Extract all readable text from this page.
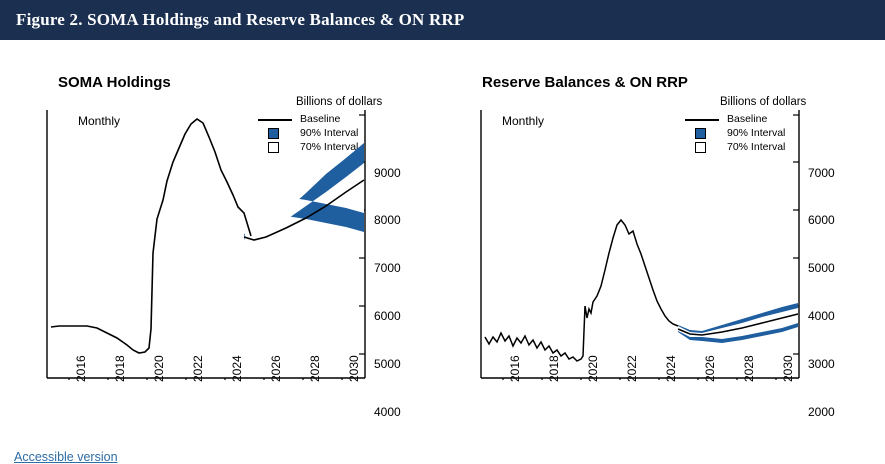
Figure 2. SOMA Holdings and Reserve Balances & ON RRP
SOMA Holdings
Billions of dollars
Monthly	Baseline
90% Interval
70% Interval
9000
8000
7000
6000
5000
4000
2016 2018 2020 2022 2024 2026 2028 2030
Reserve Balances & ON RRP
Billions of dollars
Monthly	Baseline
90% Interval
70% Interval
7000
6000
5000
4000
3000
2000
2016 2018 2020 2022 2024 2026 2028 2030
Accessible version
